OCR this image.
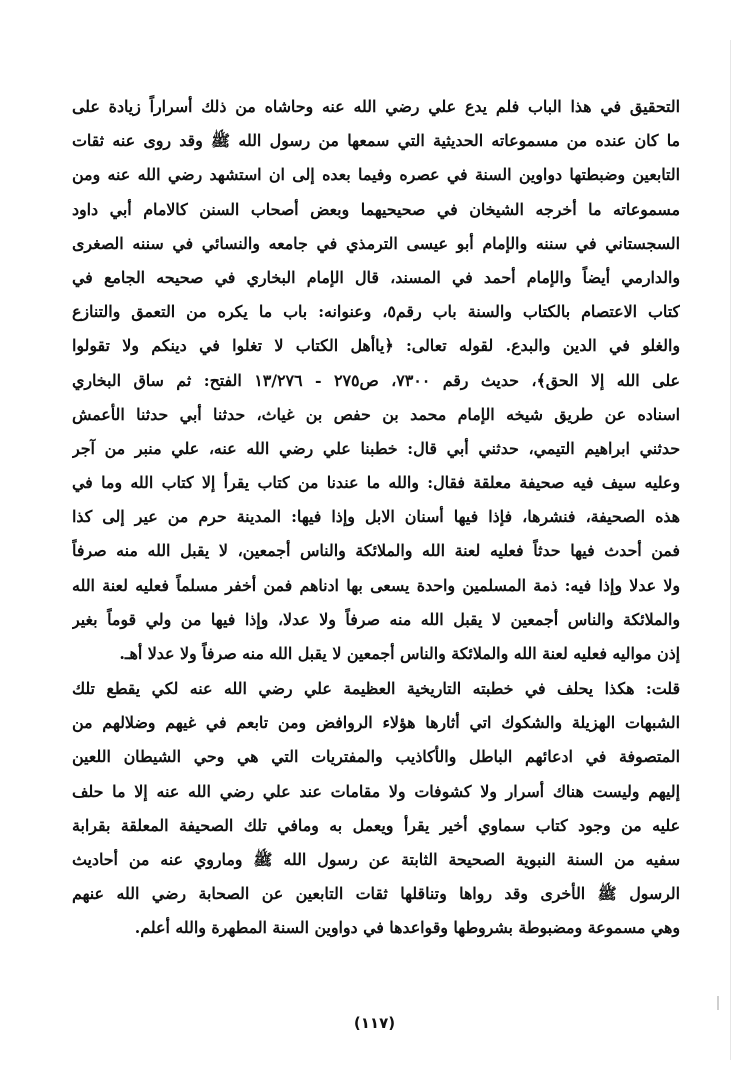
التحقيق في هذا الباب فلم يدع علي رضي الله عنه وحاشاه من ذلك أسراراً زيادة على
ما كان عنده من مسموعاته الحديثية التي سمعها من رسول الله ﷺ وقد روى عنه ثقات
التابعين وضبطتها دواوين السنة في عصره وفيما بعده إلى ان استشهد رضي الله عنه ومن
مسموعاته ما أخرجه الشيخان في صحيحيهما وبعض أصحاب السنن كالامام أبي داود
السجستاني في سننه والإمام أبو عيسى الترمذي في جامعه والنسائي في سننه الصغرى
والدارمي أيضاً والإمام أحمد في المسند، قال الإمام البخاري في صحيحه الجامع في
كتاب الاعتصام بالكتاب والسنة باب رقم٥، وعنوانه: باب ما يكره من التعمق والتنازع
والغلو في الدين والبدع. لقوله تعالى: ﴿ياأهل الكتاب لا تغلوا في دينكم ولا تقولوا
على الله إلا الحق﴾، حديث رقم ٧٣٠٠، ص٢٧٥ - ١٣/٢٧٦ الفتح: ثم ساق البخاري
اسناده عن طريق شيخه الإمام محمد بن حفص بن غياث، حدثنا أبي حدثنا الأعمش
حدثني ابراهيم التيمي، حدثني أبي قال: خطبنا علي رضي الله عنه، علي منبر من آجر
وعليه سيف فيه صحيفة معلقة فقال: والله ما عندنا من كتاب يقرأ إلا كتاب الله وما في
هذه الصحيفة، فنشرها، فإذا فيها أسنان الابل وإذا فيها: المدينة حرم من عير إلى كذا
فمن أحدث فيها حدثاً فعليه لعنة الله والملائكة والناس أجمعين، لا يقبل الله منه صرفاً
ولا عدلا وإذا فيه: ذمة المسلمين واحدة يسعى بها ادناهم فمن أخفر مسلماً فعليه لعنة الله
والملائكة والناس أجمعين لا يقبل الله منه صرفاً ولا عدلا، وإذا فيها من ولي قوماً بغير
إذن مواليه فعليه لعنة الله والملائكة والناس أجمعين لا يقبل الله منه صرفاً ولا عدلا أهـ.
قلت: هكذا يحلف في خطبته التاريخية العظيمة علي رضي الله عنه لكي يقطع تلك
الشبهات الهزيلة والشكوك اتي أثارها هؤلاء الروافض ومن تابعم في غيهم وضلالهم من
المتصوفة في ادعائهم الباطل والأكاذيب والمفتريات التي هي وحي الشيطان اللعين
إليهم وليست هناك أسرار ولا كشوفات ولا مقامات عند علي رضي الله عنه إلا ما حلف
عليه من وجود كتاب سماوي أخير يقرأ ويعمل به ومافي تلك الصحيفة المعلقة بقرابة
سفيه من السنة النبوية الصحيحة الثابتة عن رسول الله ﷺ وماروي عنه من أحاديث
الرسول ﷺ الأخرى وقد رواها وتناقلها ثقات التابعين عن الصحابة رضي الله عنهم
وهي مسموعة ومضبوطة بشروطها وقواعدها في دواوين السنة المطهرة والله أعلم.
(١١٧)
